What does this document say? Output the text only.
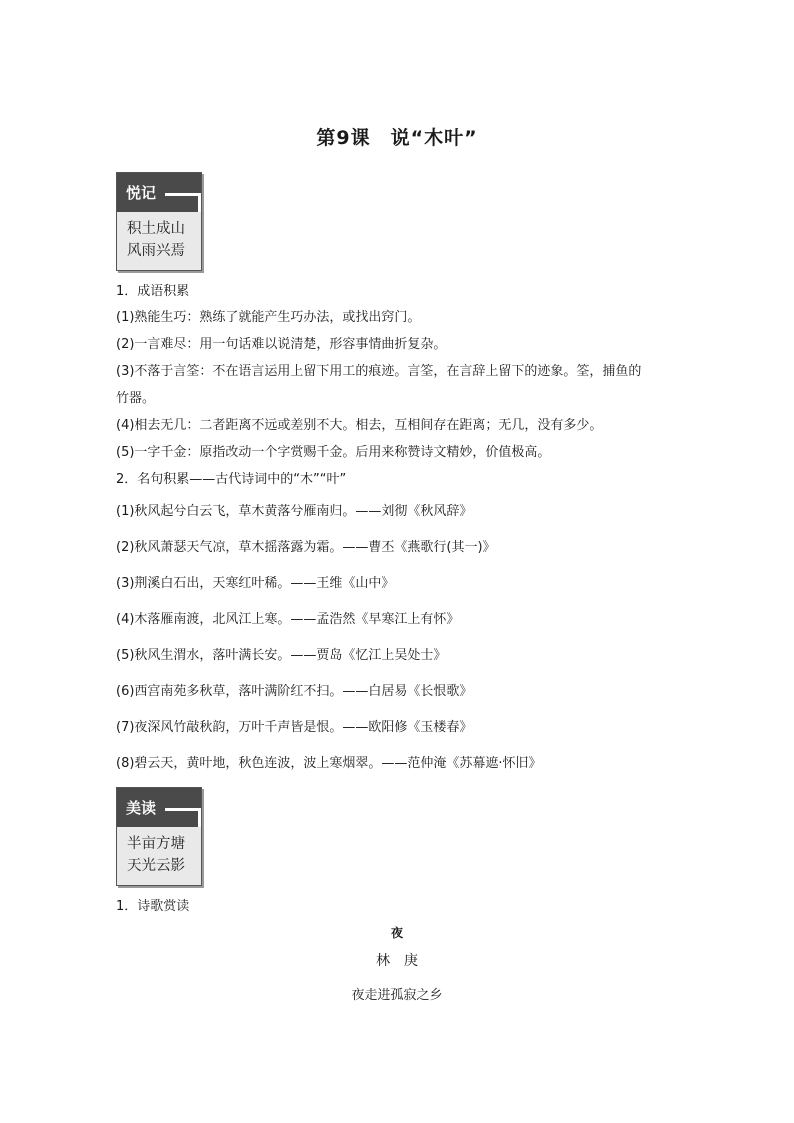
第9课　说“木叶”
悦记
积土成山
风雨兴焉
1．成语积累
(1)熟能生巧：熟练了就能产生巧办法，或找出窍门。
(2)一言难尽：用一句话难以说清楚，形容事情曲折复杂。
(3)不落于言筌：不在语言运用上留下用工的痕迹。言筌，在言辞上留下的迹象。筌，捕鱼的
竹器。
(4)相去无几：二者距离不远或差别不大。相去，互相间存在距离；无几，没有多少。
(5)一字千金：原指改动一个字赏赐千金。后用来称赞诗文精妙，价值极高。
2．名句积累——古代诗词中的“木”“叶”
(1)秋风起兮白云飞，草木黄落兮雁南归。——刘彻《秋风辞》
(2)秋风萧瑟天气凉，草木摇落露为霜。——曹丕《燕歌行(其一)》
(3)荆溪白石出，天寒红叶稀。——王维《山中》
(4)木落雁南渡，北风江上寒。——孟浩然《早寒江上有怀》
(5)秋风生渭水，落叶满长安。——贾岛《忆江上吴处士》
(6)西宫南苑多秋草，落叶满阶红不扫。——白居易《长恨歌》
(7)夜深风竹敲秋韵，万叶千声皆是恨。——欧阳修《玉楼春》
(8)碧云天，黄叶地，秋色连波，波上寒烟翠。——范仲淹《苏幕遮·怀旧》
美读
半亩方塘
天光云影
1．诗歌赏读
夜
林　庚
夜走进孤寂之乡
